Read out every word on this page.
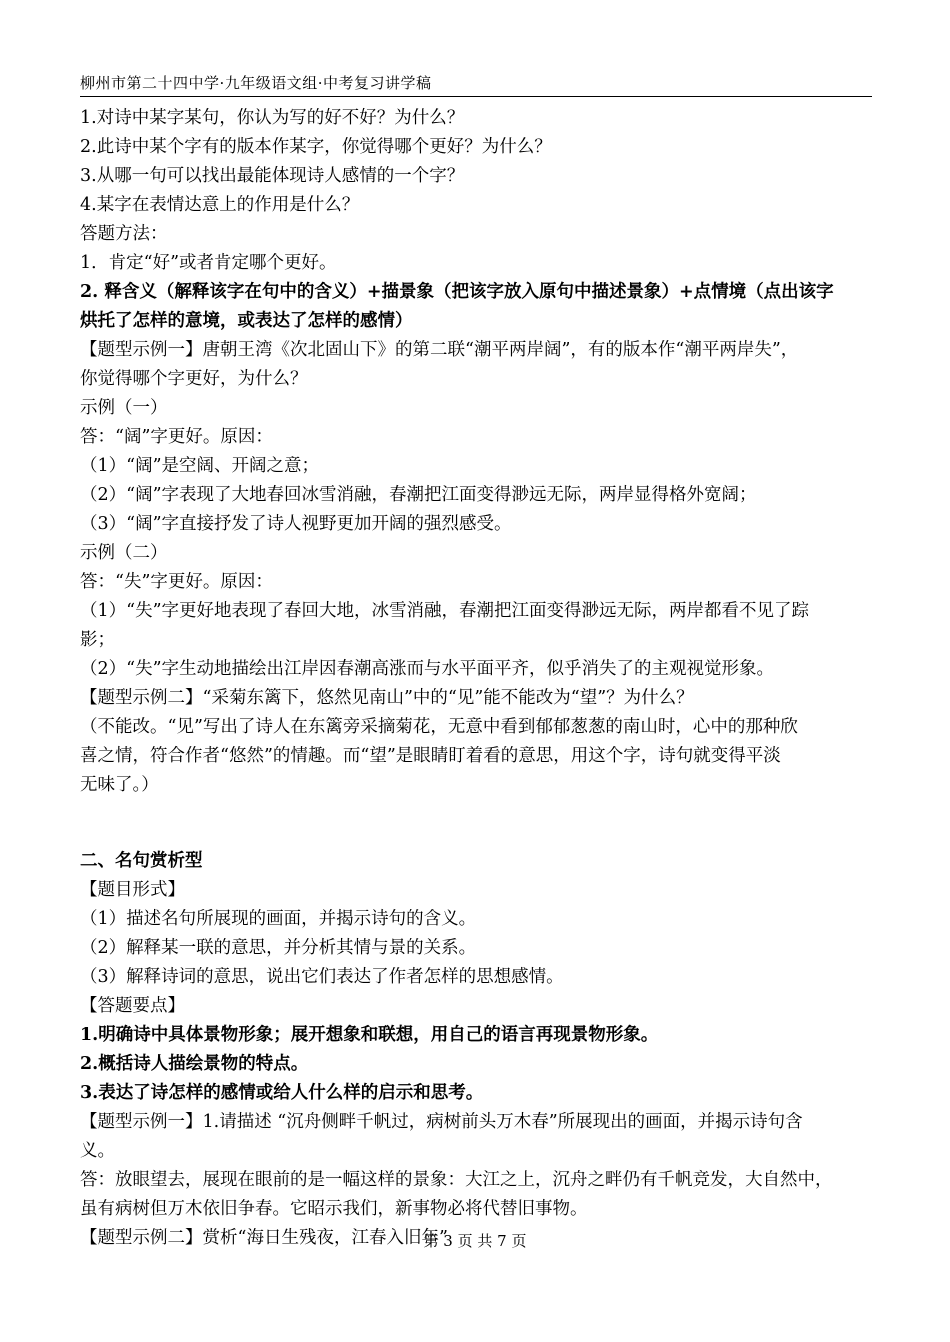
柳州市第二十四中学·九年级语文组·中考复习讲学稿
1.对诗中某字某句，你认为写的好不好？为什么？
2.此诗中某个字有的版本作某字，你觉得哪个更好？为什么？
3.从哪一句可以找出最能体现诗人感情的一个字？
4.某字在表情达意上的作用是什么？
答题方法：
1．肯定“好”或者肯定哪个更好。
2. 释含义（解释该字在句中的含义）+描景象（把该字放入原句中描述景象）+点情境（点出该字
烘托了怎样的意境，或表达了怎样的感情）
【题型示例一】唐朝王湾《次北固山下》的第二联“潮平两岸阔”，有的版本作“潮平两岸失”，
你觉得哪个字更好，为什么？
示例（一）
答：“阔”字更好。原因：
（1）“阔”是空阔、开阔之意；
（2）“阔”字表现了大地春回冰雪消融，春潮把江面变得渺远无际，两岸显得格外宽阔；
（3）“阔”字直接抒发了诗人视野更加开阔的强烈感受。
示例（二）
答：“失”字更好。原因：
（1）“失”字更好地表现了春回大地，冰雪消融，春潮把江面变得渺远无际，两岸都看不见了踪
影；
（2）“失”字生动地描绘出江岸因春潮高涨而与水平面平齐，似乎消失了的主观视觉形象。
【题型示例二】“采菊东篱下，悠然见南山”中的“见”能不能改为“望”？为什么？
（不能改。“见”写出了诗人在东篱旁采摘菊花，无意中看到郁郁葱葱的南山时，心中的那种欣
喜之情，符合作者“悠然”的情趣。而“望”是眼睛盯着看的意思，用这个字，诗句就变得平淡
无味了。）
二、名句赏析型
【题目形式】
（1）描述名句所展现的画面，并揭示诗句的含义。
（2）解释某一联的意思，并分析其情与景的关系。
（3）解释诗词的意思，说出它们表达了作者怎样的思想感情。
【答题要点】
1.明确诗中具体景物形象；展开想象和联想，用自己的语言再现景物形象。
2.概括诗人描绘景物的特点。
3.表达了诗怎样的感情或给人什么样的启示和思考。
【题型示例一】1.请描述 “沉舟侧畔千帆过，病树前头万木春”所展现出的画面，并揭示诗句含
义。
答：放眼望去，展现在眼前的是一幅这样的景象：大江之上，沉舟之畔仍有千帆竞发，大自然中，
虽有病树但万木依旧争春。它昭示我们，新事物必将代替旧事物。
【题型示例二】赏析“海日生残夜，江春入旧年”
第 3 页 共 7 页
